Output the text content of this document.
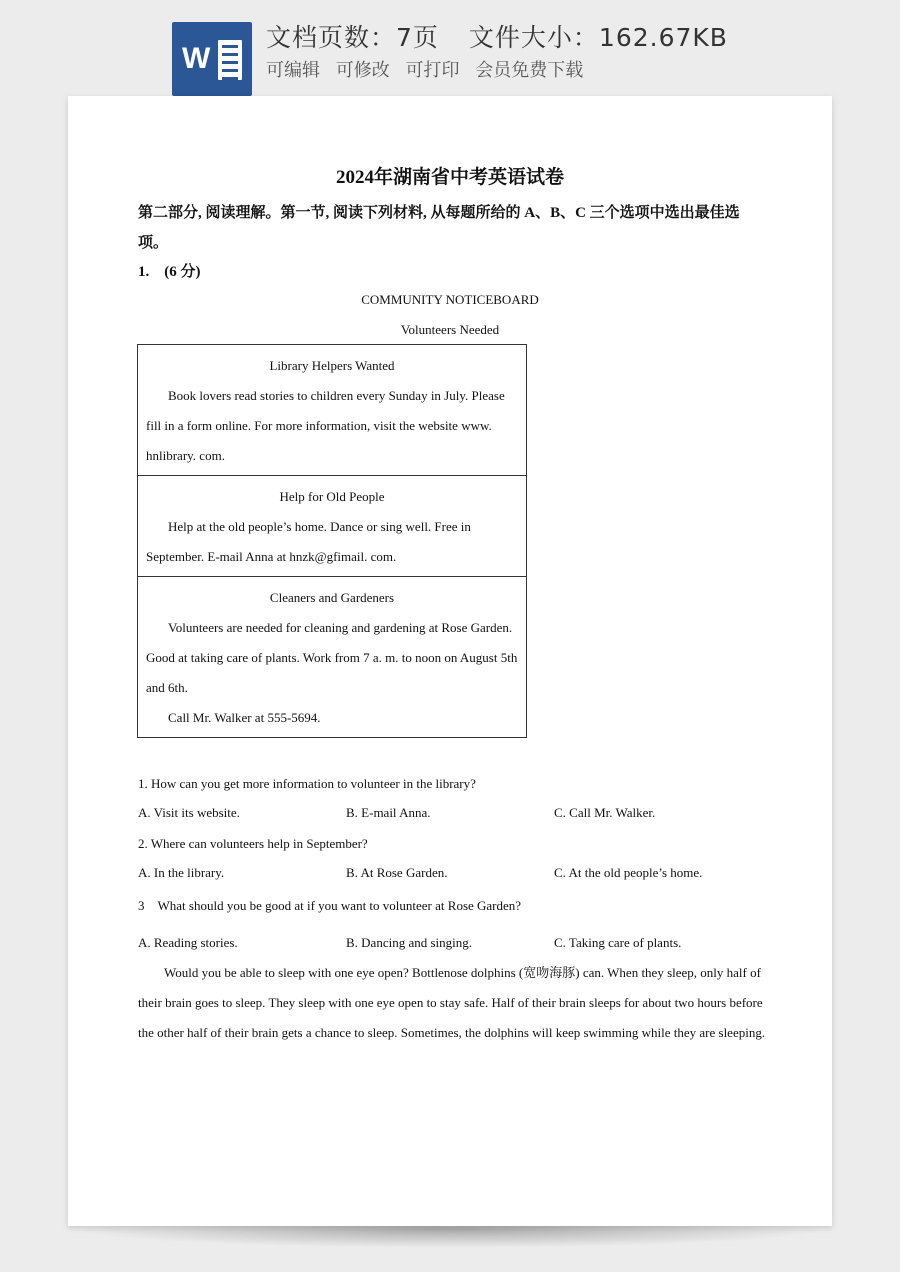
W
文档页数：7页 文件大小：162.67KB
可编辑 可修改 可打印 会员免费下载
2024年湖南省中考英语试卷
第二部分, 阅读理解。第一节, 阅读下列材料, 从每题所给的 A、B、C 三个选项中选出最佳选项。
1.　(6 分)
COMMUNITY NOTICEBOARD
Volunteers Needed
Library Helpers Wanted
Book lovers read stories to children every Sunday in July. Please fill in a form online. For more information, visit the website www. hnlibrary. com.
Help for Old People
Help at the old people’s home. Dance or sing well. Free in September. E-mail Anna at hnzk@gfimail. com.
Cleaners and Gardeners
Volunteers are needed for cleaning and gardening at Rose Garden. Good at taking care of plants. Work from 7 a. m. to noon on August 5th and 6th.
Call Mr. Walker at 555-5694.
1. How can you get more information to volunteer in the library?
A. Visit its website.	B. E-mail Anna.	C. Call Mr. Walker.
2. Where can volunteers help in September?
A. In the library.	B. At Rose Garden.	C. At the old people’s home.
3　What should you be good at if you want to volunteer at Rose Garden?
A. Reading stories.	B. Dancing and singing.	C. Taking care of plants.
Would you be able to sleep with one eye open? Bottlenose dolphins (宽吻海豚) can. When they sleep, only half of their brain goes to sleep. They sleep with one eye open to stay safe. Half of their brain sleeps for about two hours before the other half of their brain gets a chance to sleep. Sometimes, the dolphins will keep swimming while they are sleeping.
